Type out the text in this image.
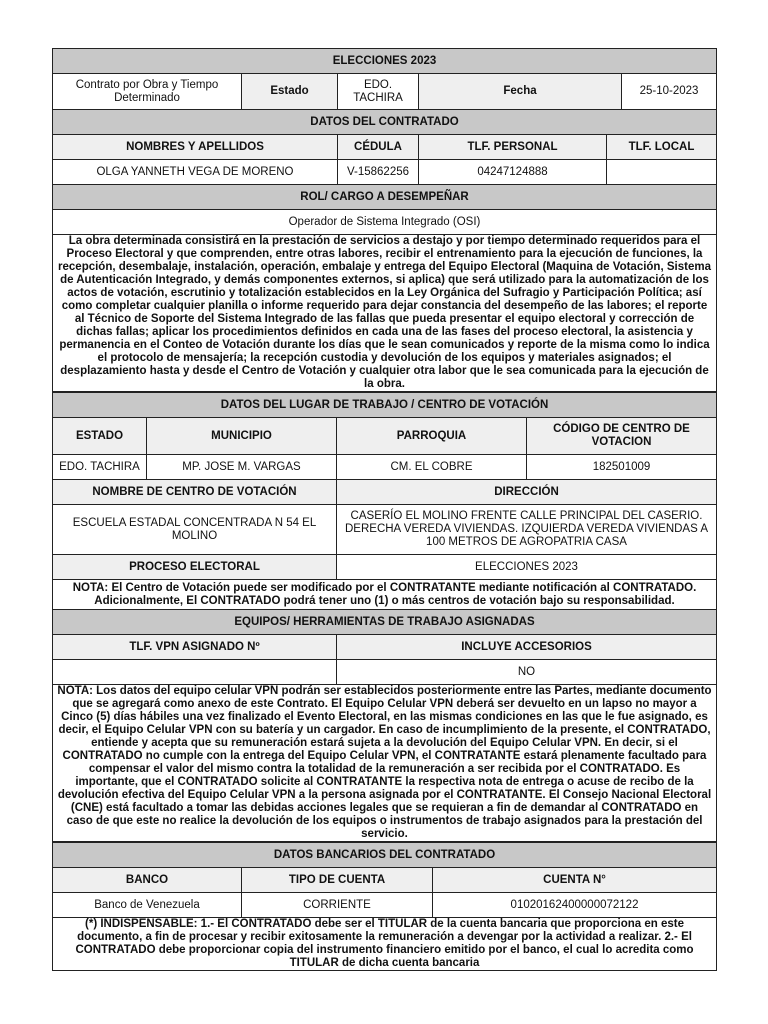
ELECCIONES 2023					
Contrato por Obra y Tiempo Determinado	Estado	EDO. TACHIRA	Fecha		25-10-2023
DATOS DEL CONTRATADO					
NOMBRES Y APELLIDOS		CÉDULA	TLF. PERSONAL	TLF. LOCAL	
OLGA YANNETH VEGA DE MORENO		V-15862256	04247124888		
ROL/ CARGO A DESEMPEÑAR					
Operador de Sistema Integrado (OSI)					
La obra determinada consistirá en la prestación de servicios a destajo y por tiempo determinado requeridos para el Proceso Electoral y que comprenden, entre otras labores, recibir el entrenamiento para la ejecución de funciones, la recepción, desembalaje, instalación, operación, embalaje y entrega del Equipo Electoral (Maquina de Votación, Sistema de Autenticación Integrado, y demás componentes externos, si aplica) que será utilizado para la automatización de los actos de votación, escrutinio y totalización establecidos en la Ley Orgánica del Sufragio y Participación Política; así como completar cualquier planilla o informe requerido para dejar constancia del desempeño de las labores; el reporte al Técnico de Soporte del Sistema Integrado de las fallas que pueda presentar el equipo electoral y corrección de dichas fallas; aplicar los procedimientos definidos en cada una de las fases del proceso electoral, la asistencia y permanencia en el Conteo de Votación durante los días que le sean comunicados y reporte de la misma como lo indica el protocolo de mensajería; la recepción custodia y devolución de los equipos y materiales asignados; el desplazamiento hasta y desde el Centro de Votación y cualquier otra labor que le sea comunicada para la ejecución de la obra.					
DATOS DEL LUGAR DE TRABAJO / CENTRO DE VOTACIÓN			
ESTADO	MUNICIPIO	PARROQUIA	CÓDIGO DE CENTRO DE VOTACION
EDO. TACHIRA	MP. JOSE M. VARGAS	CM. EL COBRE	182501009
NOMBRE DE CENTRO DE VOTACIÓN		DIRECCIÓN	
ESCUELA ESTADAL CONCENTRADA N 54 EL MOLINO		CASERÍO EL MOLINO FRENTE CALLE PRINCIPAL DEL CASERIO. DERECHA VEREDA VIVIENDAS. IZQUIERDA VEREDA VIVIENDAS A 100 METROS DE AGROPATRIA CASA	
PROCESO ELECTORAL		ELECCIONES 2023	
NOTA: El Centro de Votación puede ser modificado por el CONTRATANTE mediante notificación al CONTRATADO. Adicionalmente, El CONTRATADO podrá tener uno (1) o más centros de votación bajo su responsabilidad.			
EQUIPOS/ HERRAMIENTAS DE TRABAJO ASIGNADAS			
TLF. VPN ASIGNADO Nº		INCLUYE ACCESORIOS	
		NO	
NOTA: Los datos del equipo celular VPN podrán ser establecidos posteriormente entre las Partes, mediante documento que se agregará como anexo de este Contrato. El Equipo Celular VPN deberá ser devuelto en un lapso no mayor a Cinco (5) días hábiles una vez finalizado el Evento Electoral, en las mismas condiciones en las que le fue asignado, es decir, el Equipo Celular VPN con su batería y un cargador. En caso de incumplimiento de la presente, el CONTRATADO, entiende y acepta que su remuneración estará sujeta a la devolución del Equipo Celular VPN. En decir, si el CONTRATADO no cumple con la entrega del Equipo Celular VPN, el CONTRATANTE estará plenamente facultado para compensar el valor del mismo contra la totalidad de la remuneración a ser recibida por el CONTRATADO. Es importante, que el CONTRATADO solicite al CONTRATANTE la respectiva nota de entrega o acuse de recibo de la devolución efectiva del Equipo Celular VPN a la persona asignada por el CONTRATANTE. El Consejo Nacional Electoral (CNE) está facultado a tomar las debidas acciones legales que se requieran a fin de demandar al CONTRATADO en caso de que este no realice la devolución de los equipos o instrumentos de trabajo asignados para la prestación del servicio.			
DATOS BANCARIOS DEL CONTRATADO		
BANCO	TIPO DE CUENTA	CUENTA N°
Banco de Venezuela	CORRIENTE	01020162400000072122
(*) INDISPENSABLE: 1.- El CONTRATADO debe ser el TITULAR de la cuenta bancaria que proporciona en este documento, a fin de procesar y recibir exitosamente la remuneración a devengar por la actividad a realizar. 2.- El CONTRATADO debe proporcionar copia del instrumento financiero emitido por el banco, el cual lo acredita como TITULAR de dicha cuenta bancaria		
